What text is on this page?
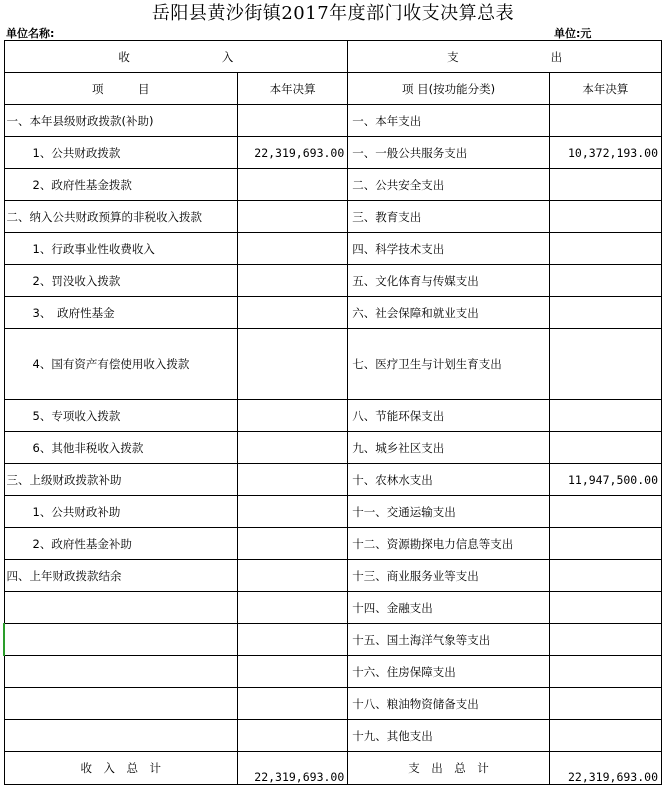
岳阳县黄沙街镇2017年度部门收支决算总表
单位名称:	单位:元
收　　　　　　　　入		支　　　　　　　　出	
项　　　目	本年决算	项 目(按功能分类)	本年决算
一、本年县级财政拨款(补助)		一、本年支出	
1、公共财政拨款	22,319,693.00	一、一般公共服务支出	10,372,193.00
2、政府性基金拨款		二、公共安全支出	
二、纳入公共财政预算的非税收入拨款		三、教育支出	
1、行政事业性收费收入		四、科学技术支出	
2、罚没收入拨款		五、文化体育与传媒支出	
3、　政府性基金		六、社会保障和就业支出	
4、国有资产有偿使用收入拨款		七、医疗卫生与计划生育支出	
5、专项收入拨款		八、节能环保支出	
6、其他非税收入拨款		九、城乡社区支出	
三、上级财政拨款补助		十、农林水支出	11,947,500.00
1、公共财政补助		十一、交通运输支出	
2、政府性基金补助		十二、资源勘探电力信息等支出	
四、上年财政拨款结余		十三、商业服务业等支出	
		十四、金融支出	
		十五、国土海洋气象等支出	
		十六、住房保障支出	
		十八、粮油物资储备支出	
		十九、其他支出	
收　入　总　计	22,319,693.00	支　出　总　计	22,319,693.00
